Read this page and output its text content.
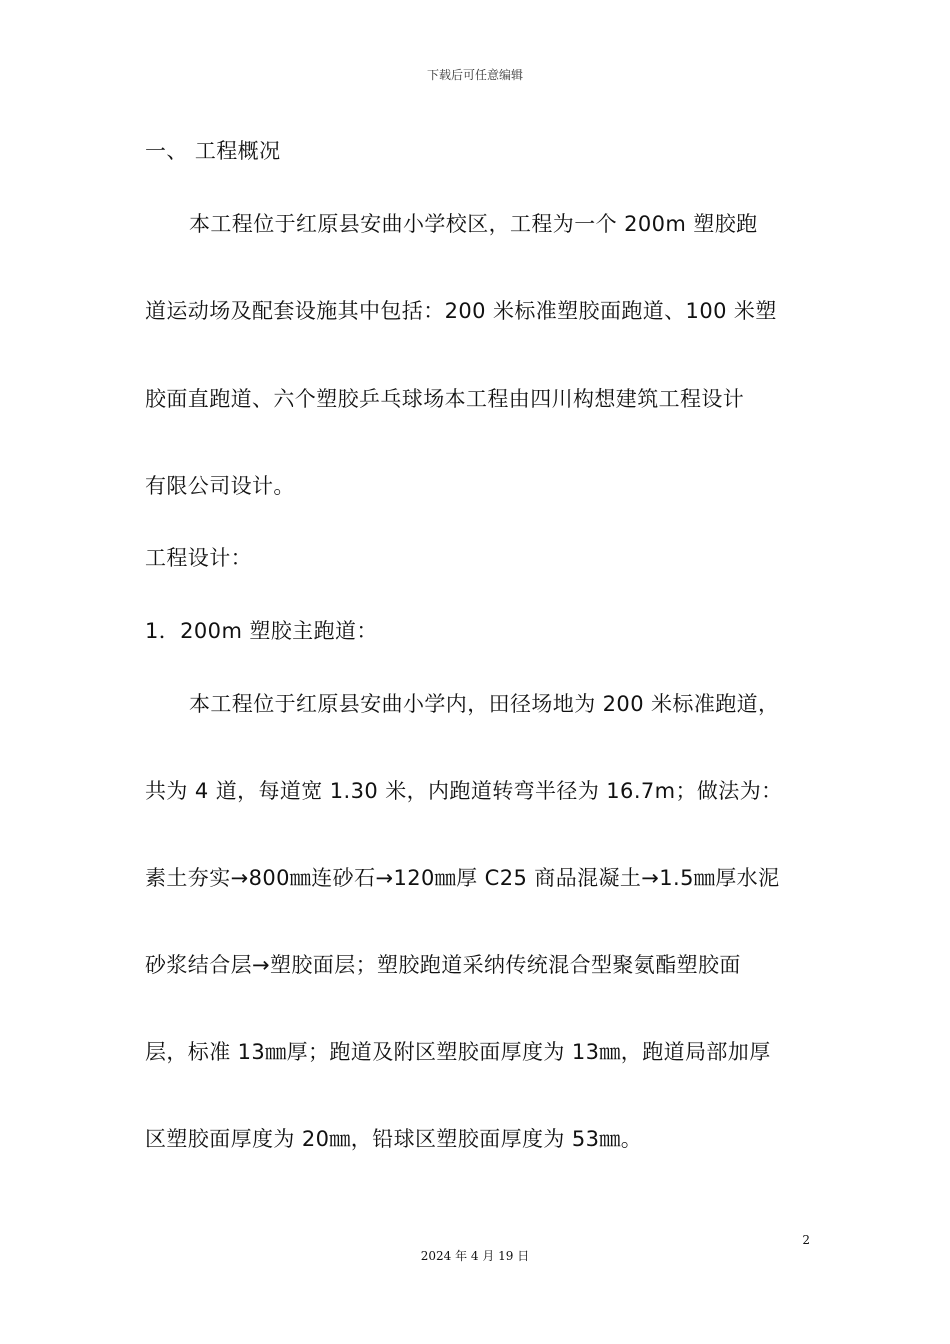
下载后可任意编辑
一、 工程概况
本工程位于红原县安曲小学校区，工程为一个 200m 塑胶跑
道运动场及配套设施其中包括：200 米标准塑胶面跑道、100 米塑
胶面直跑道、六个塑胶乒乓球场本工程由四川构想建筑工程设计
有限公司设计。
工程设计：
1．200m 塑胶主跑道：
本工程位于红原县安曲小学内，田径场地为 200 米标准跑道，
共为 4 道，每道宽 1.30 米，内跑道转弯半径为 16.7m；做法为：
素土夯实→800㎜连砂石→120㎜厚 C25 商品混凝土→1.5㎜厚水泥
砂浆结合层→塑胶面层；塑胶跑道采纳传统混合型聚氨酯塑胶面
层，标准 13㎜厚；跑道及附区塑胶面厚度为 13㎜，跑道局部加厚
区塑胶面厚度为 20㎜，铅球区塑胶面厚度为 53㎜。
2
2024 年 4 月 19 日
